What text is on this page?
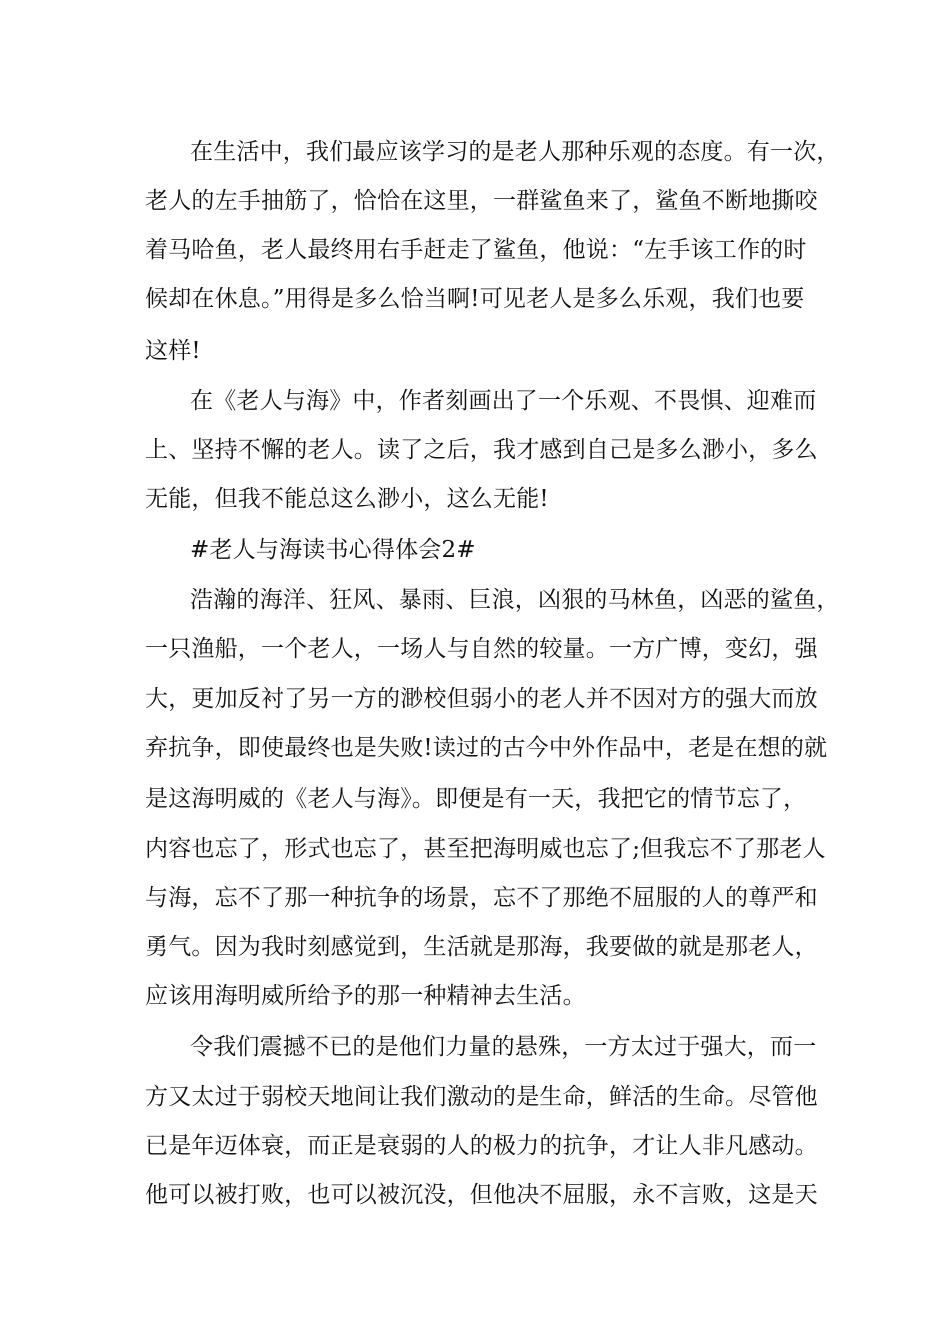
在生活中，我们最应该学习的是老人那种乐观的态度。有一次，
老人的左手抽筋了，恰恰在这里，一群鲨鱼来了，鲨鱼不断地撕咬
着马哈鱼，老人最终用右手赶走了鲨鱼，他说：“左手该工作的时
候却在休息。”用得是多么恰当啊!可见老人是多么乐观，我们也要
这样!
在《老人与海》中，作者刻画出了一个乐观、不畏惧、迎难而
上、坚持不懈的老人。读了之后，我才感到自己是多么渺小，多么
无能，但我不能总这么渺小，这么无能!
#老人与海读书心得体会2#
浩瀚的海洋、狂风、暴雨、巨浪，凶狠的马林鱼，凶恶的鲨鱼，
一只渔船，一个老人，一场人与自然的较量。一方广博，变幻，强
大，更加反衬了另一方的渺校但弱小的老人并不因对方的强大而放
弃抗争，即使最终也是失败!读过的古今中外作品中，老是在想的就
是这海明威的《老人与海》。即便是有一天，我把它的情节忘了，
内容也忘了，形式也忘了，甚至把海明威也忘了;但我忘不了那老人
与海，忘不了那一种抗争的场景，忘不了那绝不屈服的人的尊严和
勇气。因为我时刻感觉到，生活就是那海，我要做的就是那老人，
应该用海明威所给予的那一种精神去生活。
令我们震撼不已的是他们力量的悬殊，一方太过于强大，而一
方又太过于弱校天地间让我们激动的是生命，鲜活的生命。尽管他
已是年迈体衰，而正是衰弱的人的极力的抗争，才让人非凡感动。
他可以被打败，也可以被沉没，但他决不屈服，永不言败，这是天
